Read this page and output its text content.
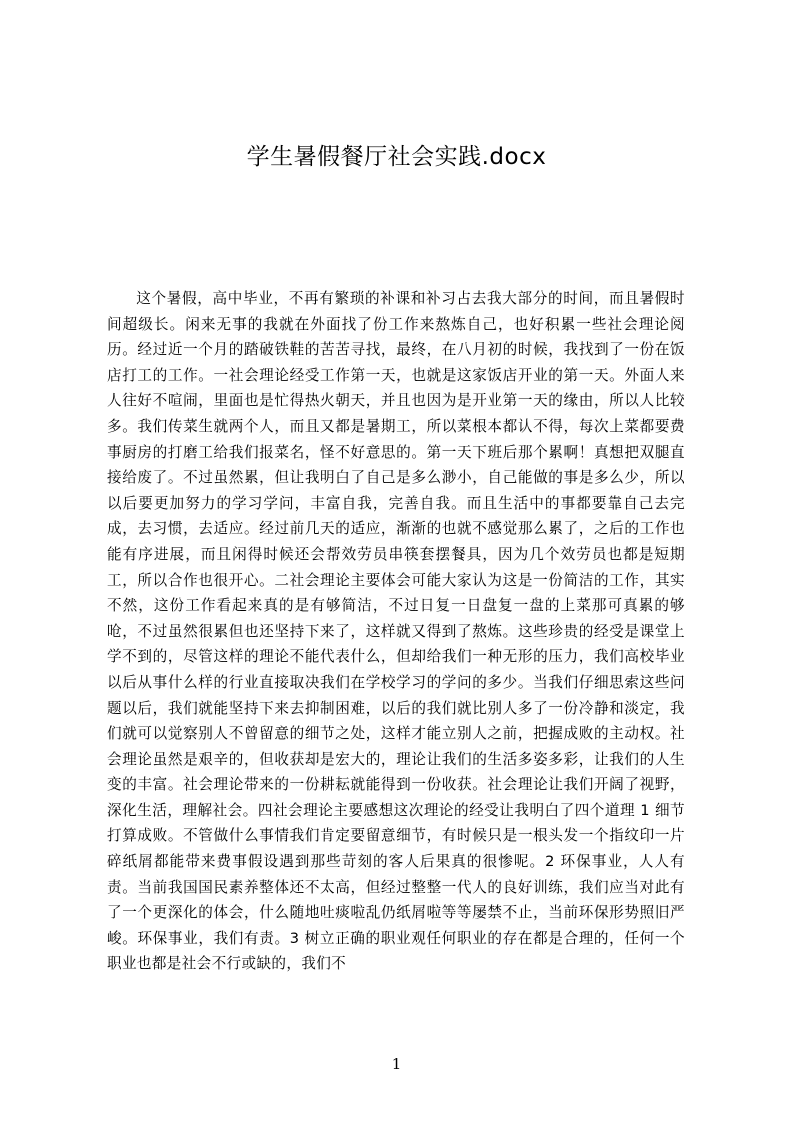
学生暑假餐厅社会实践.docx

这个暑假，高中毕业，不再有繁琐的补课和补习占去我大部分的时间，而且暑假时间超级长。闲来无事的我就在外面找了份工作来熬炼自己，也好积累一些社会理论阅历。经过近一个月的踏破铁鞋的苦苦寻找，最终，在八月初的时候，我找到了一份在饭店打工的工作。一社会理论经受工作第一天，也就是这家饭店开业的第一天。外面人来人往好不喧闹，里面也是忙得热火朝天，并且也因为是开业第一天的缘由，所以人比较多。我们传菜生就两个人，而且又都是暑期工，所以菜根本都认不得，每次上菜都要费事厨房的打磨工给我们报菜名，怪不好意思的。第一天下班后那个累啊！真想把双腿直接给废了。不过虽然累，但让我明白了自己是多么渺小，自己能做的事是多么少，所以以后要更加努力的学习学问，丰富自我，完善自我。而且生活中的事都要靠自己去完成，去习惯，去适应。经过前几天的适应，渐渐的也就不感觉那么累了，之后的工作也能有序进展，而且闲得时候还会帮效劳员串筷套摆餐具，因为几个效劳员也都是短期工，所以合作也很开心。二社会理论主要体会可能大家认为这是一份简洁的工作，其实不然，这份工作看起来真的是有够简洁，不过日复一日盘复一盘的上菜那可真累的够呛，不过虽然很累但也还坚持下来了，这样就又得到了熬炼。这些珍贵的经受是课堂上学不到的，尽管这样的理论不能代表什么，但却给我们一种无形的压力，我们高校毕业以后从事什么样的行业直接取决我们在学校学习的学问的多少。当我们仔细思索这些问题以后，我们就能坚持下来去抑制困难，以后的我们就比别人多了一份冷静和淡定，我们就可以觉察别人不曾留意的细节之处，这样才能立别人之前，把握成败的主动权。社会理论虽然是艰辛的，但收获却是宏大的，理论让我们的生活多姿多彩，让我们的人生变的丰富。社会理论带来的一份耕耘就能得到一份收获。社会理论让我们开阔了视野，深化生活，理解社会。四社会理论主要感想这次理论的经受让我明白了四个道理 1 细节打算成败。不管做什么事情我们肯定要留意细节，有时候只是一根头发一个指纹印一片碎纸屑都能带来费事假设遇到那些苛刻的客人后果真的很惨呢。2 环保事业，人人有责。当前我国国民素养整体还不太高，但经过整整一代人的良好训练，我们应当对此有了一个更深化的体会，什么随地吐痰啦乱仍纸屑啦等等屡禁不止，当前环保形势照旧严峻。环保事业，我们有责。3 树立正确的职业观任何职业的存在都是合理的，任何一个职业也都是社会不行或缺的，我们不

1
